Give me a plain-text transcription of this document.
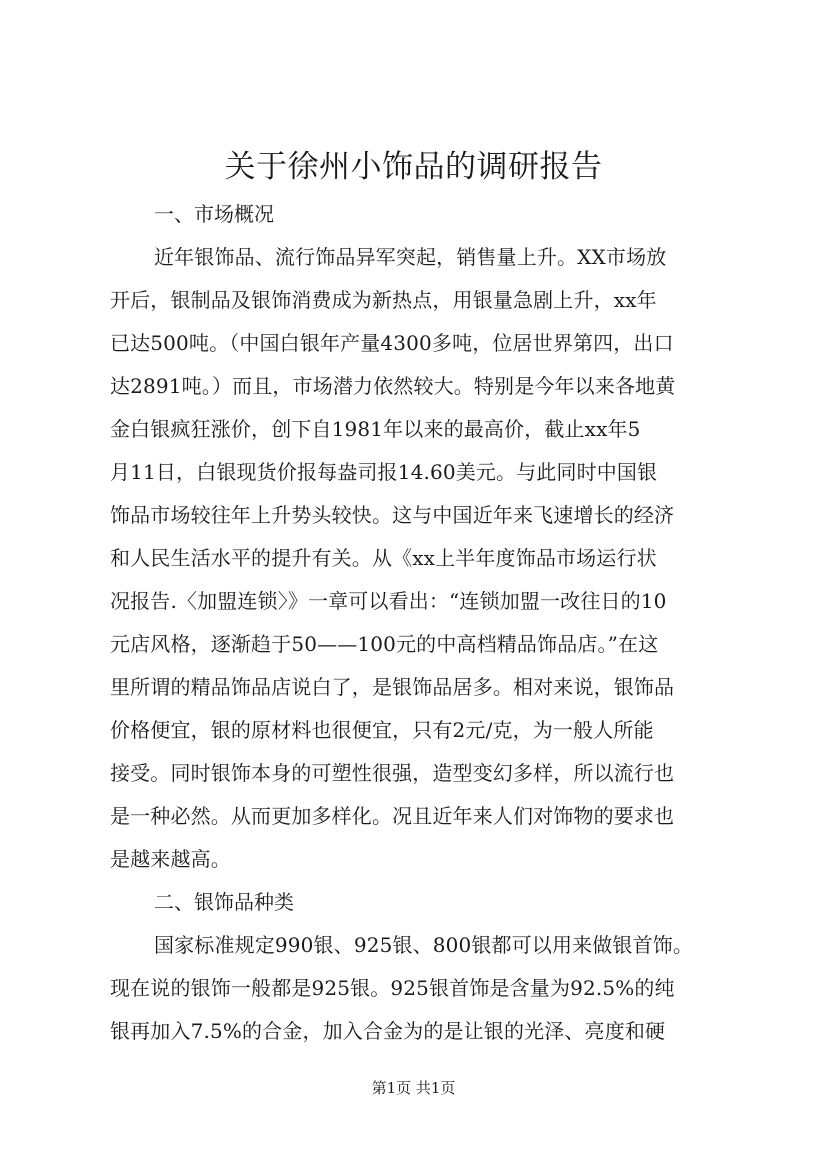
关于徐州小饰品的调研报告
一、市场概况
近年银饰品、流行饰品异军突起，销售量上升。XX市场放
开后，银制品及银饰消费成为新热点，用银量急剧上升，xx年
已达500吨。（中国白银年产量4300多吨，位居世界第四，出口
达2891吨。）而且，市场潜力依然较大。特别是今年以来各地黄
金白银疯狂涨价，创下自1981年以来的最高价，截止xx年5
月11日，白银现货价报每盎司报14.60美元。与此同时中国银
饰品市场较往年上升势头较快。这与中国近年来飞速增长的经济
和人民生活水平的提升有关。从《xx上半年度饰品市场运行状
况报告.〈加盟连锁〉》一章可以看出：“连锁加盟一改往日的10
元店风格，逐渐趋于50——100元的中高档精品饰品店。”在这
里所谓的精品饰品店说白了，是银饰品居多。相对来说，银饰品
价格便宜，银的原材料也很便宜，只有2元/克，为一般人所能
接受。同时银饰本身的可塑性很强，造型变幻多样，所以流行也
是一种必然。从而更加多样化。况且近年来人们对饰物的要求也
是越来越高。
二、银饰品种类
国家标准规定990银、925银、800银都可以用来做银首饰。
现在说的银饰一般都是925银。925银首饰是含量为92.5%的纯
银再加入7.5%的合金，加入合金为的是让银的光泽、亮度和硬
第1页 共1页
